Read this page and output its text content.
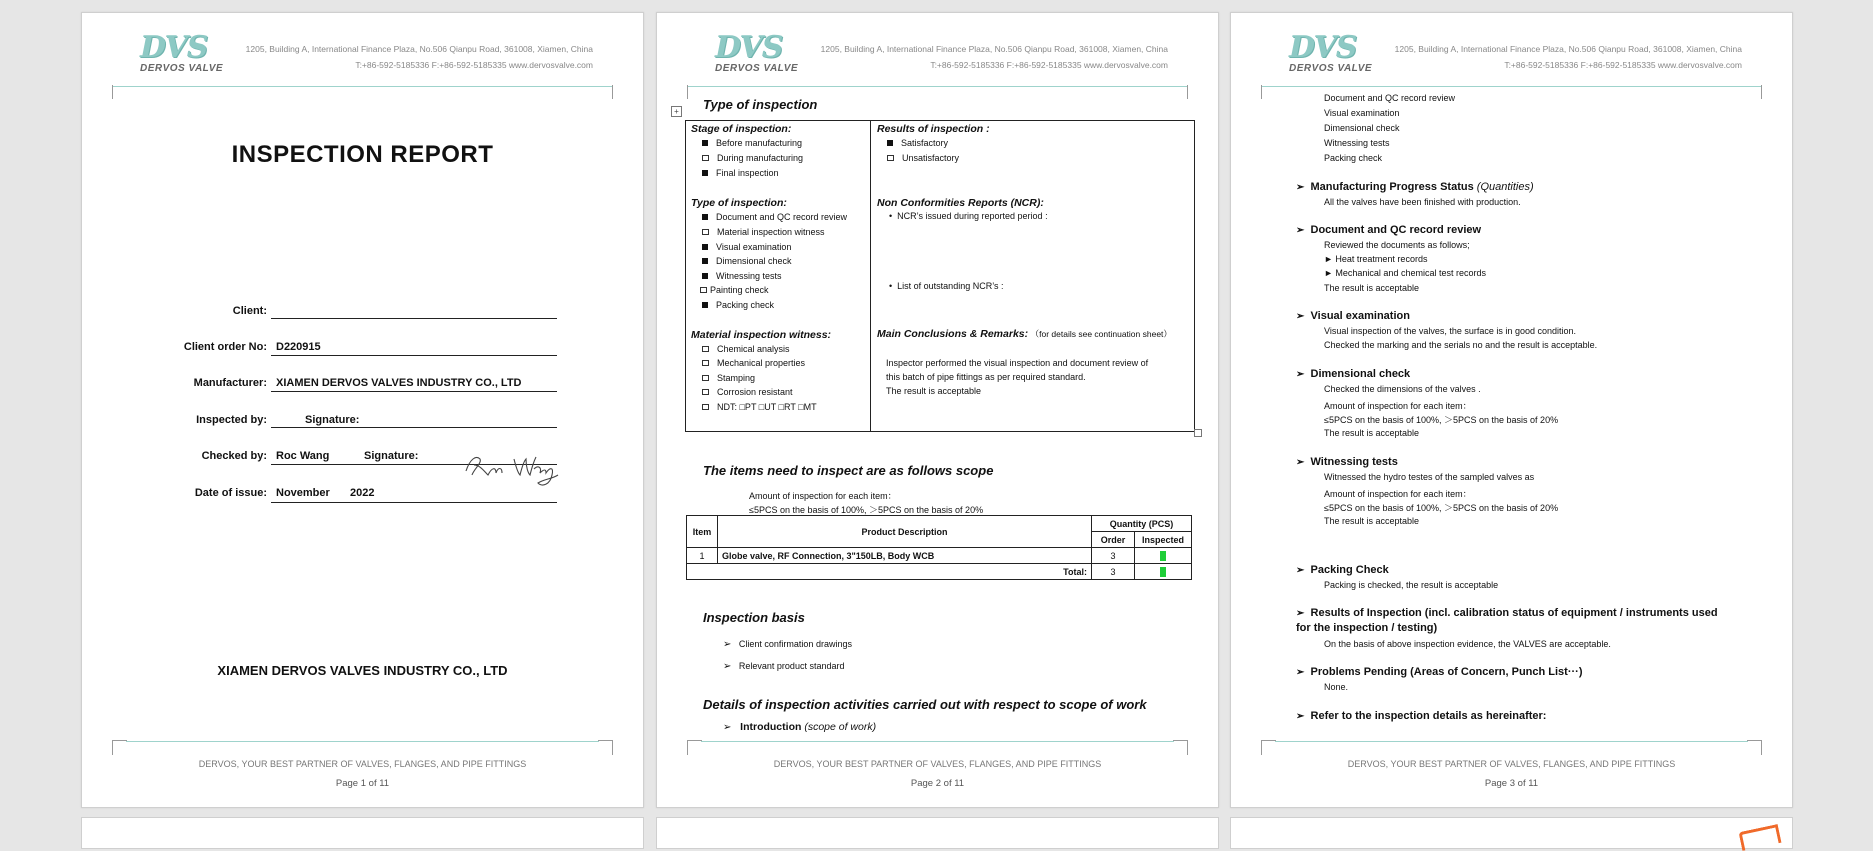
DVS
DERVOS VALVE
1205, Building A, International Finance Plaza, No.506 Qianpu Road, 361008, Xiamen, China
T:+86-592-5185336 F:+86-592-5185335 www.dervosvalve.com
INSPECTION REPORT
Client:
Client order No: D220915
Manufacturer: XIAMEN DERVOS VALVES INDUSTRY CO., LTD
Inspected by:	Signature:
Checked by: Roc Wang	Signature:
Date of issue: November 2022
XIAMEN DERVOS VALVES INDUSTRY CO., LTD
DERVOS, YOUR BEST PARTNER OF VALVES, FLANGES, AND PIPE FITTINGS
Page 1 of 11
DVS
DERVOS VALVE
1205, Building A, International Finance Plaza, No.506 Qianpu Road, 361008, Xiamen, China
T:+86-592-5185336 F:+86-592-5185335 www.dervosvalve.com
Type of inspection
+
Stage of inspection:
Before manufacturing
During manufacturing
Final inspection
Type of inspection:
Document and QC record review
Material inspection witness
Visual examination
Dimensional check
Witnessing tests
Painting check
Packing check
Material inspection witness:
Chemical analysis
Mechanical properties
Stamping
Corrosion resistant
NDT: □PT □UT □RT □MT
Results of inspection :
Satisfactory
Unsatisfactory
Non Conformities Reports (NCR):
•  NCR’s issued during reported period :
•  List of outstanding NCR’s :
Main Conclusions & Remarks: （for details see continuation sheet）
Inspector performed the visual inspection and document review of
this batch of pipe fittings as per required standard.
The result is acceptable
The items need to inspect are as follows scope
Amount of inspection for each item：
≤5PCS on the basis of 100%, ＞5PCS on the basis of 20%
Item	Product Description	Quantity (PCS)	
		Order	Inspected
1	Globe valve, RF Connection, 3"150LB, Body WCB	3	
Total:		3	
Inspection basis
➢ Client confirmation drawings
➢ Relevant product standard
Details of inspection activities carried out with respect to scope of work
➢ Introduction (scope of work)
DERVOS, YOUR BEST PARTNER OF VALVES, FLANGES, AND PIPE FITTINGS
Page 2 of 11
DVS
DERVOS VALVE
1205, Building A, International Finance Plaza, No.506 Qianpu Road, 361008, Xiamen, China
T:+86-592-5185336 F:+86-592-5185335 www.dervosvalve.com
Document and QC record review
Visual examination
Dimensional check
Witnessing tests
Packing check
➢ Manufacturing Progress Status (Quantities)
All the valves have been finished with production.
➢ Document and QC record review
Reviewed the documents as follows;
► Heat treatment records
► Mechanical and chemical test records
The result is acceptable
➢ Visual examination
Visual inspection of the valves, the surface is in good condition.
Checked the marking and the serials no and the result is acceptable.
➢ Dimensional check
Checked the dimensions of the valves .
Amount of inspection for each item：
≤5PCS on the basis of 100%, ＞5PCS on the basis of 20%
The result is acceptable
➢ Witnessing tests
Witnessed the hydro testes of the sampled valves as
Amount of inspection for each item：
≤5PCS on the basis of 100%, ＞5PCS on the basis of 20%
The result is acceptable
➢ Packing Check
Packing is checked, the result is acceptable
➢ Results of Inspection (incl. calibration status of equipment / instruments used
for the inspection / testing)
On the basis of above inspection evidence, the VALVES are acceptable.
➢ Problems Pending (Areas of Concern, Punch List···)
None.
➢ Refer to the inspection details as hereinafter:
DERVOS, YOUR BEST PARTNER OF VALVES, FLANGES, AND PIPE FITTINGS
Page 3 of 11
